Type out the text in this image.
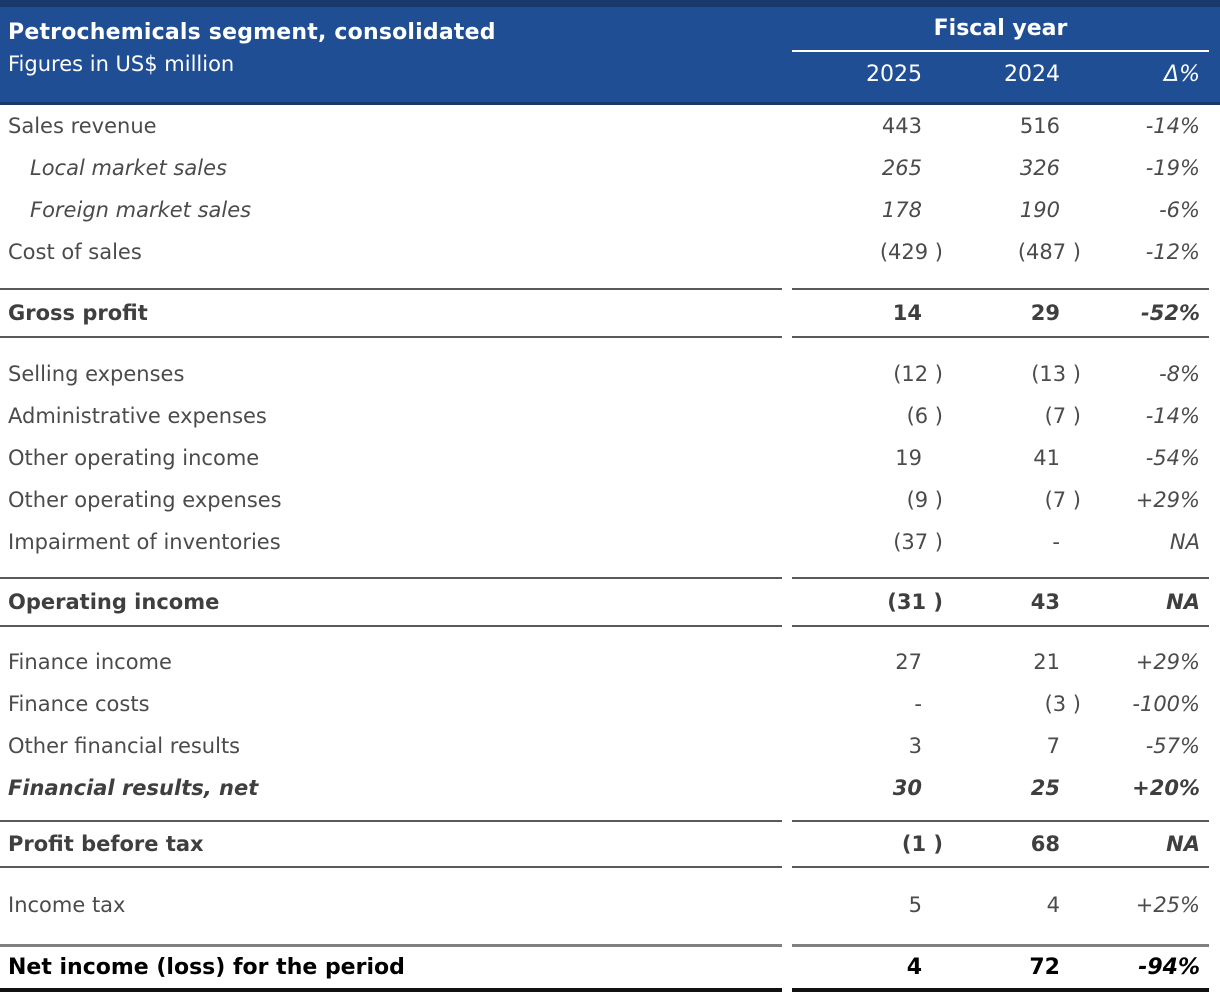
Petrochemicals segment, consolidated
Figures in US$ million
Fiscal year
2025	2024	Δ%
Sales revenue	443	516	-14%
Local market sales	265	326	-19%
Foreign market sales	178	190	-6%
Cost of sales	(429 )	(487 )	-12%
Gross profit	14	29	-52%
Selling expenses	(12 )	(13 )	-8%
Administrative expenses	(6 )	(7 )	-14%
Other operating income	19	41	-54%
Other operating expenses	(9 )	(7 )	+29%
Impairment of inventories	(37 )	-	NA
Operating income	(31 )	43	NA
Finance income	27	21	+29%
Finance costs	-	(3 )	-100%
Other financial results	3	7	-57%
Financial results, net	30	25	+20%
Profit before tax	(1 )	68	NA
Income tax	5	4	+25%
Net income (loss) for the period	4	72	-94%
